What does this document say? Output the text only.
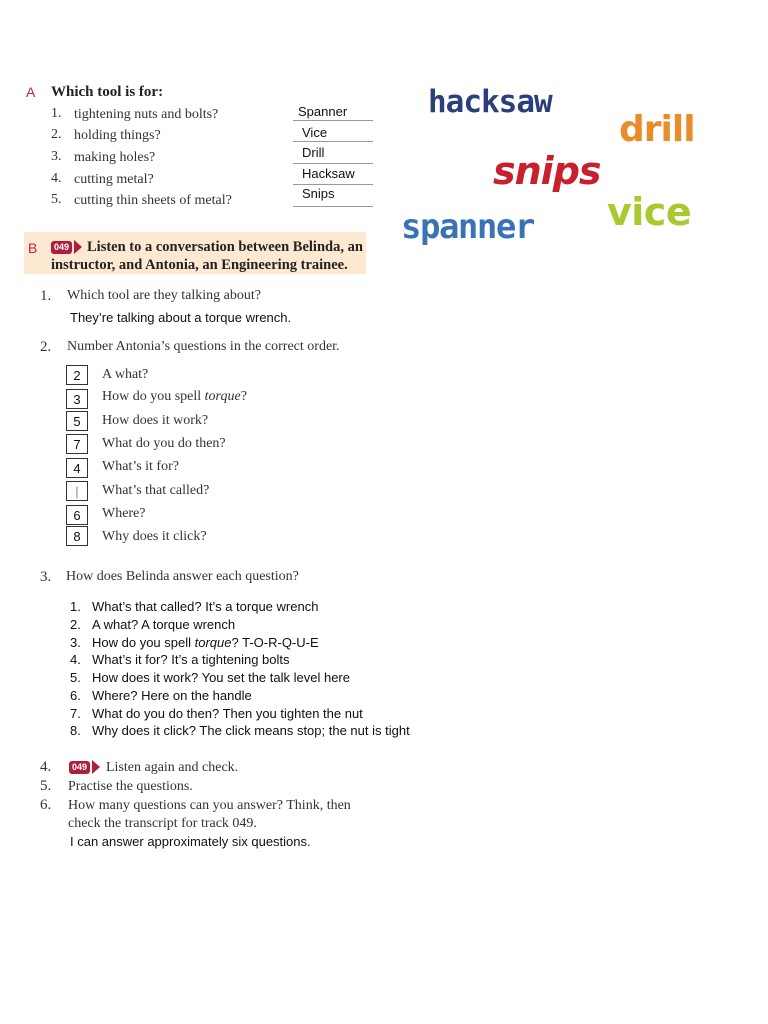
A Which tool is for:
1. tightening nuts and bolts?
2. holding things?
3. making holes?
4. cutting metal?
5. cutting thin sheets of metal?
Spanner
Vice
Drill
Hacksaw
Snips
hacksaw
drill
snips
spanner vice
B	049 Listen to a conversation between Belinda, an
instructor, and Antonia, an Engineering trainee.
1. Which tool are they talking about?
They’re talking about a torque wrench.
2. Number Antonia’s questions in the correct order.
2	A what?
3	How do you spell torque?
5	How does it work?
7	What do you do then?
4	What’s it for?
|	What’s that called?
6	Where?
8	Why does it click?
3. How does Belinda answer each question?
1. What’s that called? It’s a torque wrench
2. A what? A torque wrench
3. How do you spell torque? T-O-R-Q-U-E
4. What’s it for? It’s a tightening bolts
5. How does it work? You set the talk level here
6. Where? Here on the handle
7. What do you do then? Then you tighten the nut
8. Why does it click? The click means stop; the nut is tight
4.	049 Listen again and check.
5. Practise the questions.
6. How many questions can you answer? Think, then
check the transcript for track 049.
I can answer approximately six questions.
